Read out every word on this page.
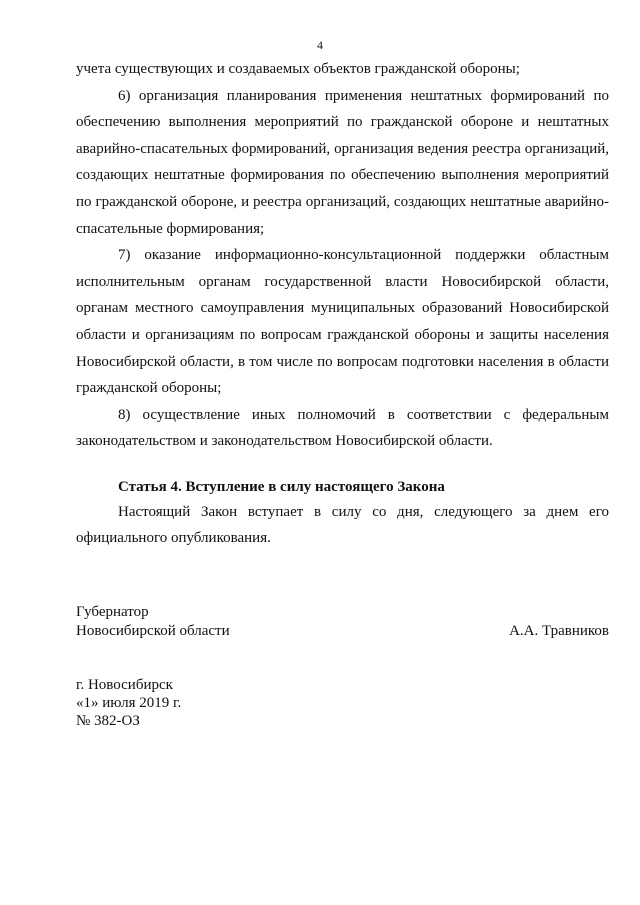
4

учета существующих и создаваемых объектов гражданской обороны;

6) организация планирования применения нештатных формирований по обеспечению выполнения мероприятий по гражданской обороне и нештатных аварийно-спасательных формирований, организация ведения реестра организаций, создающих нештатные формирования по обеспечению выполнения мероприятий по гражданской обороне, и реестра организаций, создающих нештатные аварийно-спасательные формирования;

7) оказание информационно-консультационной поддержки областным исполнительным органам государственной власти Новосибирской области, органам местного самоуправления муниципальных образований Новосибирской области и организациям по вопросам гражданской обороны и защиты населения Новосибирской области, в том числе по вопросам подготовки населения в области гражданской обороны;

8) осуществление иных полномочий в соответствии с федеральным законодательством и законодательством Новосибирской области.

Статья 4. Вступление в силу настоящего Закона

Настоящий Закон вступает в силу со дня, следующего за днем его официального опубликования.

Губернатор
Новосибирской области	А.А. Травников
г. Новосибирск
«1» июля 2019 г.
№ 382-ОЗ
